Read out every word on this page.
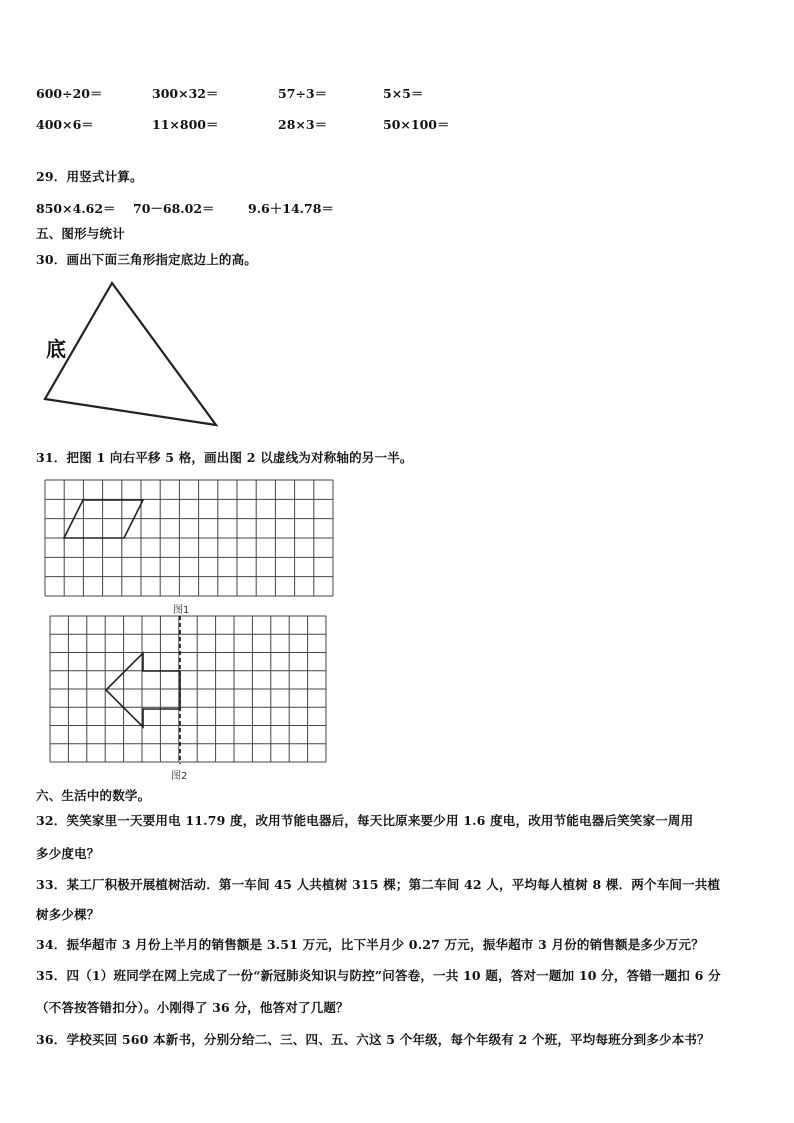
600÷20＝	300×32＝	57÷3＝	5×5＝
400×6＝	11×800＝	28×3＝	50×100＝
29．用竖式计算。
850×4.62＝ 70－68.02＝	9.6＋14.78＝
五、图形与统计
30．画出下面三角形指定底边上的高。
底
31．把图 1 向右平移 5 格，画出图 2 以虚线为对称轴的另一半。
图1
图2
六、生活中的数学。
32．笑笑家里一天要用电 11.79 度，改用节能电器后，每天比原来要少用 1.6 度电，改用节能电器后笑笑家一周用
多少度电？
33．某工厂积极开展植树活动．第一车间 45 人共植树 315 棵；第二车间 42 人，平均每人植树 8 棵．两个车间一共植
树多少棵？
34．振华超市 3 月份上半月的销售额是 3.51 万元，比下半月少 0.27 万元，振华超市 3 月份的销售额是多少万元？
35．四（1）班同学在网上完成了一份“新冠肺炎知识与防控”问答卷，一共 10 题，答对一题加 10 分，答错一题扣 6 分
（不答按答错扣分）。小刚得了 36 分，他答对了几题？
36．学校买回 560 本新书，分别分给二、三、四、五、六这 5 个年级，每个年级有 2 个班，平均每班分到多少本书？
